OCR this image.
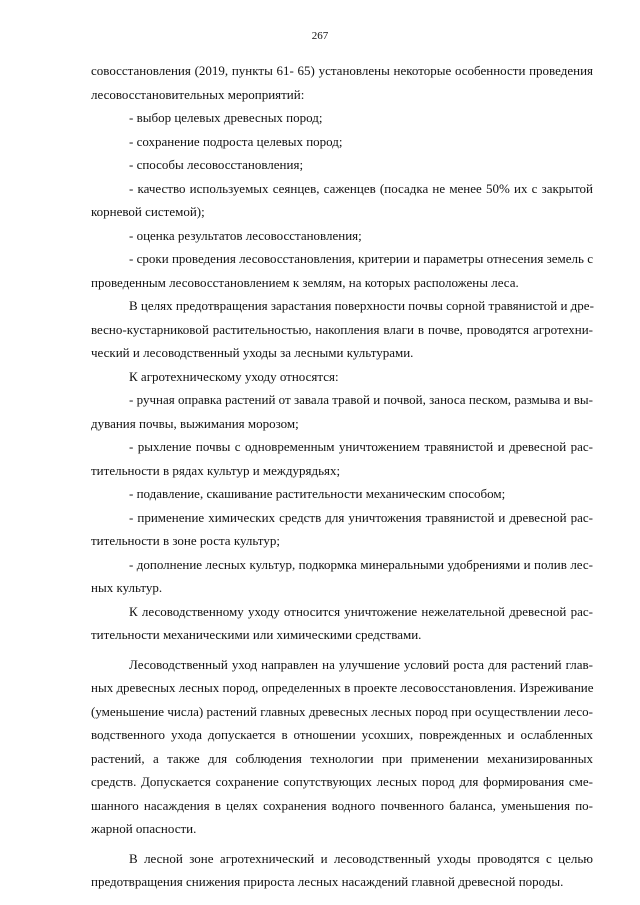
267
совосстановления (2019, пункты 61- 65) установлены некоторые особенности проведения
лесовосстановительных мероприятий:
- выбор целевых древесных пород;
- сохранение подроста целевых пород;
- способы лесовосстановления;
- качество используемых сеянцев, саженцев (посадка не менее 50% их с закрытой
корневой системой);
- оценка результатов лесовосстановления;
- сроки проведения лесовосстановления, критерии и параметры отнесения земель с
проведенным лесовосстановлением к землям, на которых расположены леса.
В целях предотвращения зарастания поверхности почвы сорной травянистой и дре-
весно-кустарниковой растительностью, накопления влаги в почве, проводятся агротехни-
ческий и лесоводственный уходы за лесными культурами.
К агротехническому уходу относятся:
- ручная оправка растений от завала травой и почвой, заноса песком, размыва и вы-
дувания почвы, выжимания морозом;
- рыхление почвы с одновременным уничтожением травянистой и древесной рас-
тительности в рядах культур и междурядьях;
- подавление, скашивание растительности механическим способом;
- применение химических средств для уничтожения травянистой и древесной рас-
тительности в зоне роста культур;
- дополнение лесных культур, подкормка минеральными удобрениями и полив лес-
ных культур.
К лесоводственному уходу относится уничтожение нежелательной древесной рас-
тительности механическими или химическими средствами.
Лесоводственный уход направлен на улучшение условий роста для растений глав-
ных древесных лесных пород, определенных в проекте лесовосстановления. Изреживание
(уменьшение числа) растений главных древесных лесных пород при осуществлении лесо-
водственного ухода допускается в отношении усохших, поврежденных и ослабленных
растений, а также для соблюдения технологии при применении механизированных
средств. Допускается сохранение сопутствующих лесных пород для формирования сме-
шанного насаждения в целях сохранения водного почвенного баланса, уменьшения по-
жарной опасности.
В лесной зоне агротехнический и лесоводственный уходы проводятся с целью
предотвращения снижения прироста лесных насаждений главной древесной породы.
